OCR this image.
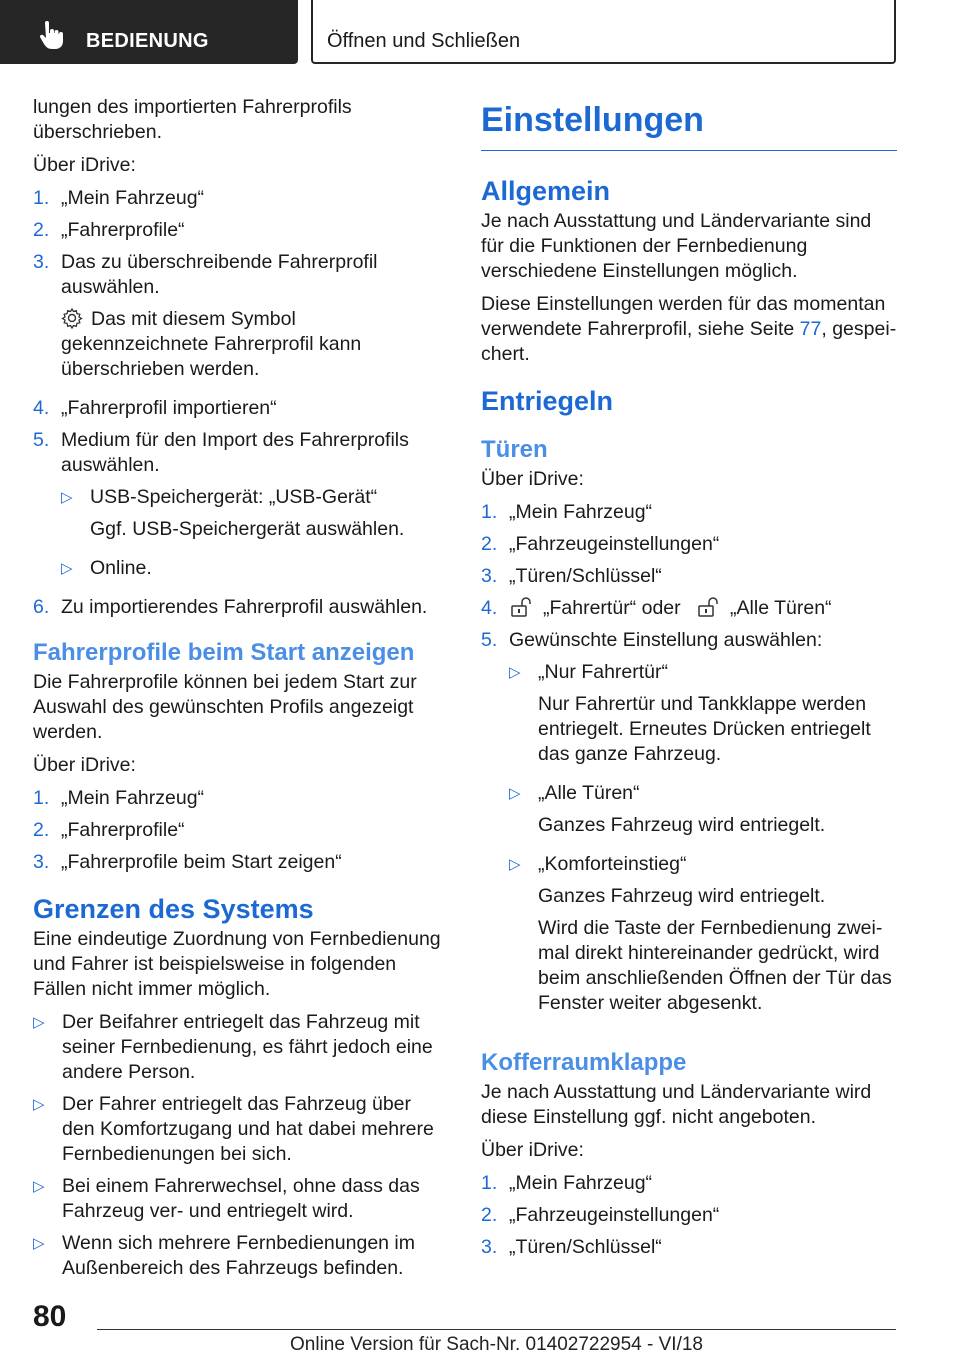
BEDIENUNG	Öffnen und Schließen

lungen des importierten Fahrerprofils überschrieben.

Über iDrive:

1. „Mein Fahrzeug“
2. „Fahrerprofile“
3. Das zu überschreibende Fahrerprofil auswählen.
Das mit diesem Symbol gekennzeichnete Fahrerprofil kann überschrieben werden.
4. „Fahrerprofil importieren“
5. Medium für den Import des Fahrerprofils auswählen.
▷ USB-Speichergerät: „USB-Gerät“
Ggf. USB-Speichergerät auswählen.
▷ Online.
6. Zu importierendes Fahrerprofil auswählen.
Fahrerprofile beim Start anzeigen

Die Fahrerprofile können bei jedem Start zur Auswahl des gewünschten Profils angezeigt werden.

Über iDrive:

1. „Mein Fahrzeug“
2. „Fahrerprofile“
3. „Fahrerprofile beim Start zeigen“
Grenzen des Systems

Eine eindeutige Zuordnung von Fernbedienung und Fahrer ist beispielsweise in folgenden Fällen nicht immer möglich.

▷ Der Beifahrer entriegelt das Fahrzeug mit seiner Fernbedienung, es fährt jedoch eine andere Person.
▷ Der Fahrer entriegelt das Fahrzeug über den Komfortzugang und hat dabei mehrere Fernbedienungen bei sich.
▷ Bei einem Fahrerwechsel, ohne dass das Fahrzeug ver- und entriegelt wird.
▷ Wenn sich mehrere Fernbedienungen im Außenbereich des Fahrzeugs befinden.
Einstellungen
Allgemein

Je nach Ausstattung und Ländervariante sind für die Funktionen der Fernbedienung verschiedene Einstellungen möglich.

Diese Einstellungen werden für das momentan verwendete Fahrerprofil, siehe Seite 77, gespeichert.

Entriegeln
Türen

Über iDrive:

1. „Mein Fahrzeug“
2. „Fahrzeugeinstellungen“
3. „Türen/Schlüssel“
4.	„Fahrertür“ oder	„Alle Türen“
5. Gewünschte Einstellung auswählen:
▷ „Nur Fahrertür“
Nur Fahrertür und Tankklappe werden entriegelt. Erneutes Drücken entriegelt das ganze Fahrzeug.
▷ „Alle Türen“
Ganzes Fahrzeug wird entriegelt.
▷ „Komforteinstieg“
Ganzes Fahrzeug wird entriegelt.
Wird die Taste der Fernbedienung zweimal direkt hintereinander gedrückt, wird beim anschließenden Öffnen der Tür das Fenster weiter abgesenkt.
Kofferraumklappe

Je nach Ausstattung und Ländervariante wird diese Einstellung ggf. nicht angeboten.

Über iDrive:

1. „Mein Fahrzeug“
2. „Fahrzeugeinstellungen“
3. „Türen/Schlüssel“
80
Online Version für Sach-Nr. 01402722954 - VI/18
